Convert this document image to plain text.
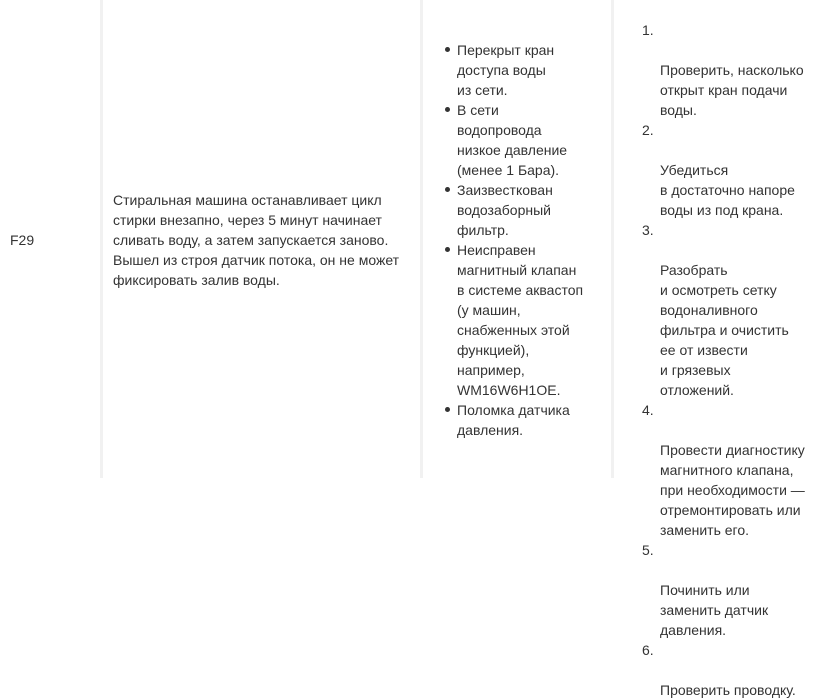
F29
Стиральная машина останавливает цикл стирки внезапно, через 5 минут начинает сливать воду, а затем запускается заново. Вышел из строя датчик потока, он не может фиксировать залив воды.
Перекрыт кран
доступа воды
из сети.
В сети
водопровода
низкое давление
(менее 1 Бара).
Заизвесткован
водозаборный
фильтр.
Неисправен
магнитный клапан
в системе аквастоп
(у машин,
снабженных этой
функцией),
например,
WM16W6H1OE.
Поломка датчика
давления.

1.

Проверить, насколько
открыт кран подачи
воды.

2.

Убедиться
в достаточно напоре
воды из под крана.

3.

Разобрать
и осмотреть сетку
водоналивного
фильтра и очистить
ее от извести
и грязевых
отложений.

4.

Провести диагностику
магнитного клапана,
при необходимости —
отремонтировать или
заменить его.

5.

Починить или
заменить датчик
давления.

6.

Проверить проводку.
